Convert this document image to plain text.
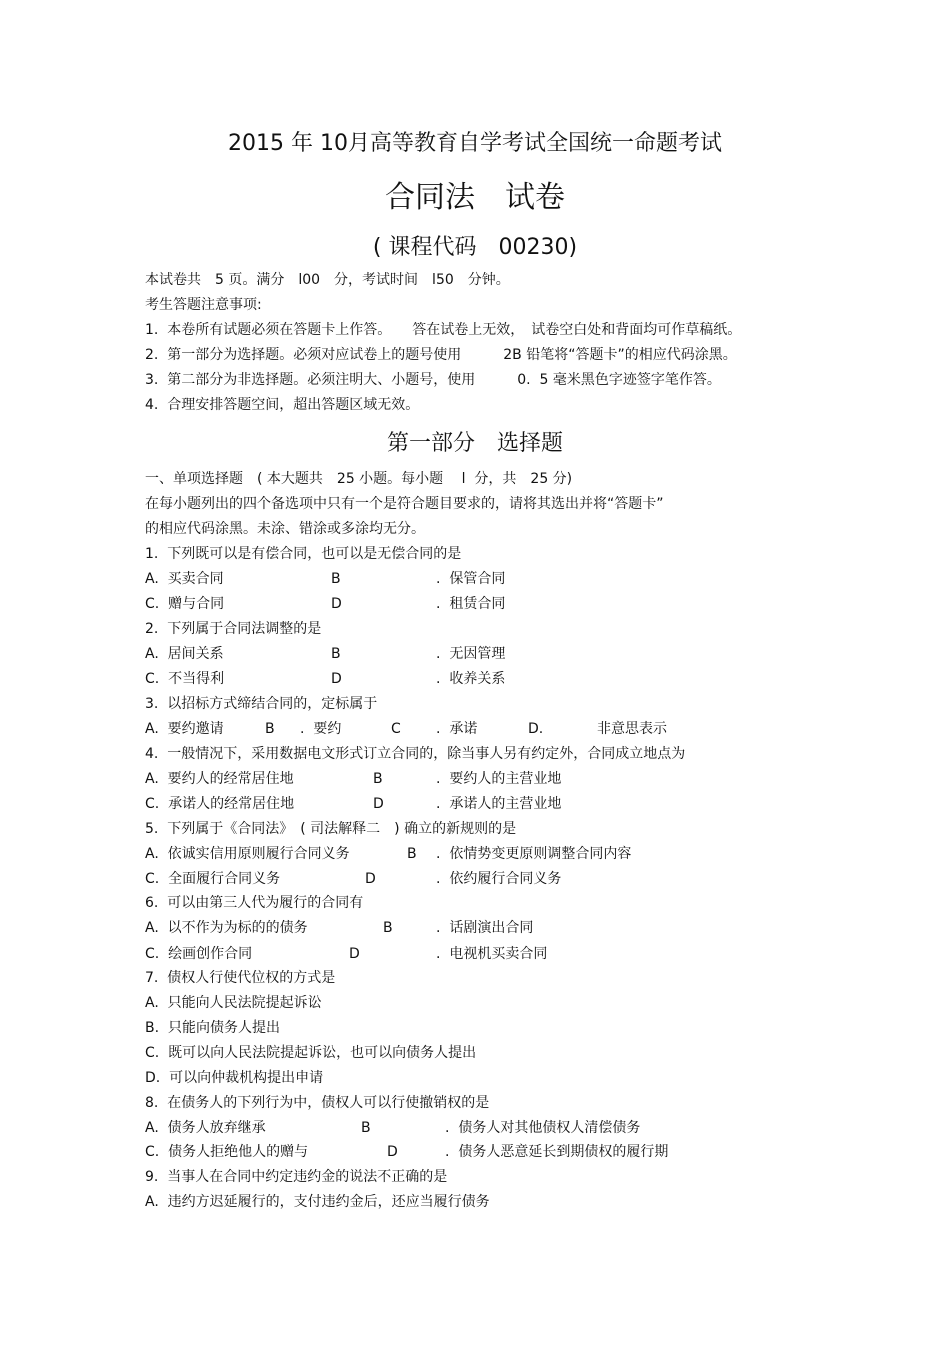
2015 年 10月高等教育自学考试全国统一命题考试
合同法　试卷
( 课程代码　00230)
本试卷共　5 页。满分　l00　分，考试时间　l50　分钟。
考生答题注意事项:
1.  本卷所有试题必须在答题卡上作答。　　答在试卷上无效，　试卷空白处和背面均可作草稿纸。
2.  第一部分为选择题。必须对应试卷上的题号使用　　　2B 铅笔将“答题卡”的相应代码涂黑。
3.  第二部分为非选择题。必须注明大、小题号，使用　　　0.  5 毫米黑色字迹签字笔作答。
4.  合理安排答题空间，超出答题区域无效。
第一部分　选择题
一、单项选择题　( 本大题共　25 小题。每小题　 l  分，共　25 分)
在每小题列出的四个备选项中只有一个是符合题目要求的，请将其选出并将“答题卡”
的相应代码涂黑。未涂、错涂或多涂均无分。
1.  下列既可以是有偿合同，也可以是无偿合同的是
A.  买卖合同	B	.  保管合同
C.  赠与合同	D	.  租赁合同
2.  下列属于合同法调整的是
A.  居间关系	B	.  无因管理
C.  不当得利	D	.  收养关系
3.  以招标方式缔结合同的，定标属于
A.  要约邀请	B .  要约	C	.  承诺	D.	非意思表示
4.  一般情况下，采用数据电文形式订立合同的，除当事人另有约定外，合同成立地点为
A.  要约人的经常居住地	B	.  要约人的主营业地
C.  承诺人的经常居住地	D	.  承诺人的主营业地
5.  下列属于《合同法》　( 司法解释二　) 确立的新规则的是
A.  依诚实信用原则履行合同义务	B .  依情势变更原则调整合同内容
C.  全面履行合同义务	D	.  依约履行合同义务
6.  可以由第三人代为履行的合同有
A.  以不作为为标的的债务	B	.  话剧演出合同
C.  绘画创作合同	D	.  电视机买卖合同
7.  债权人行使代位权的方式是
A.  只能向人民法院提起诉讼
B.  只能向债务人提出
C.  既可以向人民法院提起诉讼，也可以向债务人提出
D.  可以向仲裁机构提出申请
8.  在债务人的下列行为中，债权人可以行使撤销权的是
A.  债务人放弃继承	B	.  债务人对其他债权人清偿债务
C.  债务人拒绝他人的赠与	D	.  债务人恶意延长到期债权的履行期
9.  当事人在合同中约定违约金的说法不正确的是
A.  违约方迟延履行的，支付违约金后，还应当履行债务
